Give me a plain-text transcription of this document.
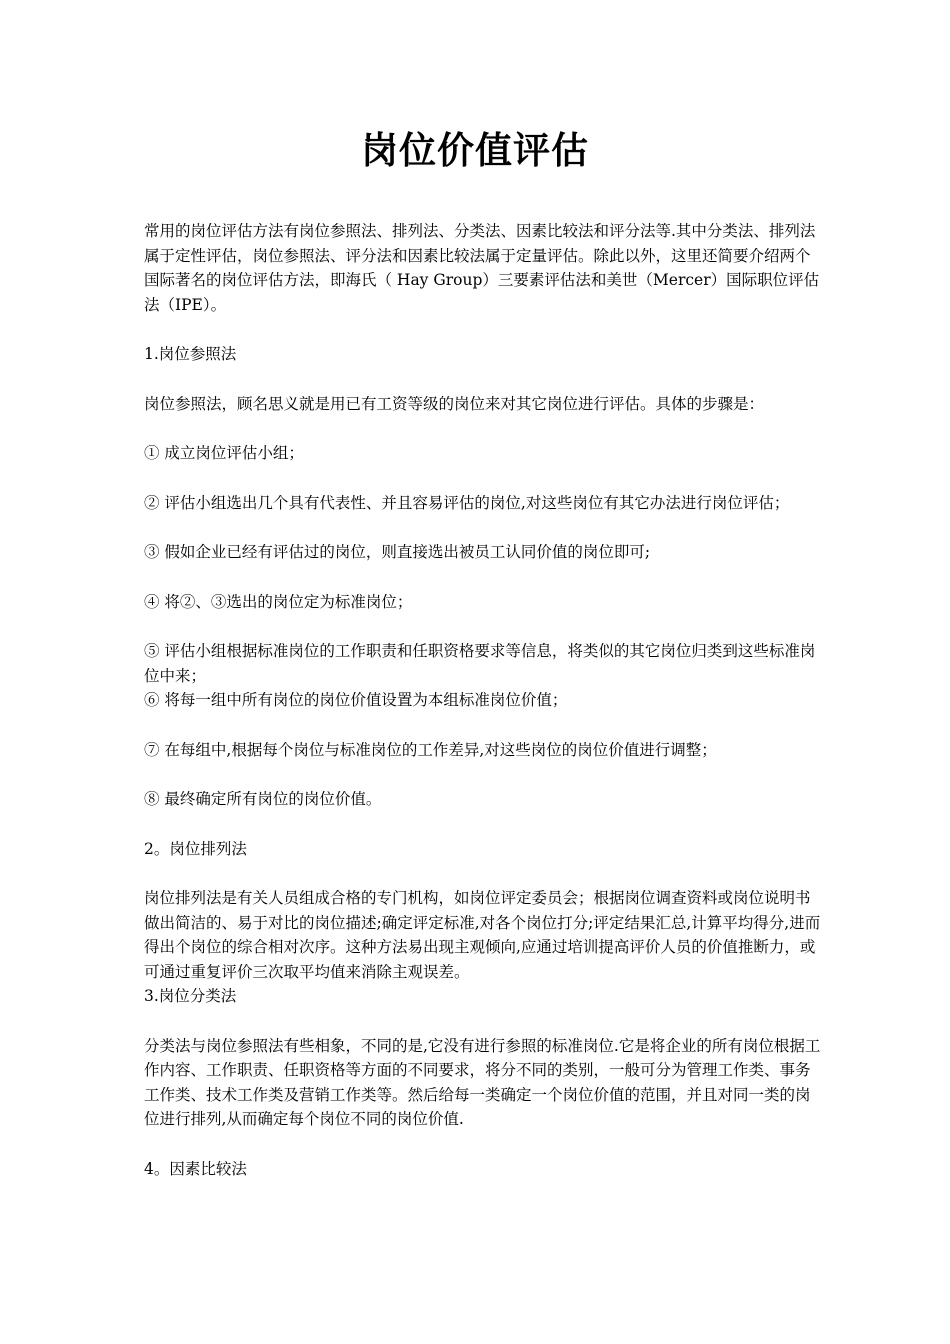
岗位价值评估

常用的岗位评估方法有岗位参照法、排列法、分类法、因素比较法和评分法等.其中分类法、排列法属于定性评估，岗位参照法、评分法和因素比较法属于定量评估。除此以外，这里还简要介绍两个国际著名的岗位评估方法，即海氏（ Hay Group）三要素评估法和美世（Mercer）国际职位评估法（IPE）。

1.岗位参照法

岗位参照法，顾名思义就是用已有工资等级的岗位来对其它岗位进行评估。具体的步骤是：

① 成立岗位评估小组；

② 评估小组选出几个具有代表性、并且容易评估的岗位,对这些岗位有其它办法进行岗位评估；

③ 假如企业已经有评估过的岗位，则直接选出被员工认同价值的岗位即可;

④ 将②、③选出的岗位定为标准岗位；

⑤ 评估小组根据标准岗位的工作职责和任职资格要求等信息，将类似的其它岗位归类到这些标准岗位中来；

⑥ 将每一组中所有岗位的岗位价值设置为本组标准岗位价值；

⑦ 在每组中,根据每个岗位与标准岗位的工作差异,对这些岗位的岗位价值进行调整；

⑧ 最终确定所有岗位的岗位价值。

2。岗位排列法

岗位排列法是有关人员组成合格的专门机构，如岗位评定委员会；根据岗位调查资料或岗位说明书做出简洁的、易于对比的岗位描述;确定评定标准,对各个岗位打分;评定结果汇总,计算平均得分,进而得出个岗位的综合相对次序。这种方法易出现主观倾向,应通过培训提高评价人员的价值推断力，或可通过重复评价三次取平均值来消除主观误差。

3.岗位分类法

分类法与岗位参照法有些相象，不同的是,它没有进行参照的标准岗位.它是将企业的所有岗位根据工作内容、工作职责、任职资格等方面的不同要求，将分不同的类别，一般可分为管理工作类、事务工作类、技术工作类及营销工作类等。然后给每一类确定一个岗位价值的范围，并且对同一类的岗位进行排列,从而确定每个岗位不同的岗位价值.

4。因素比较法
